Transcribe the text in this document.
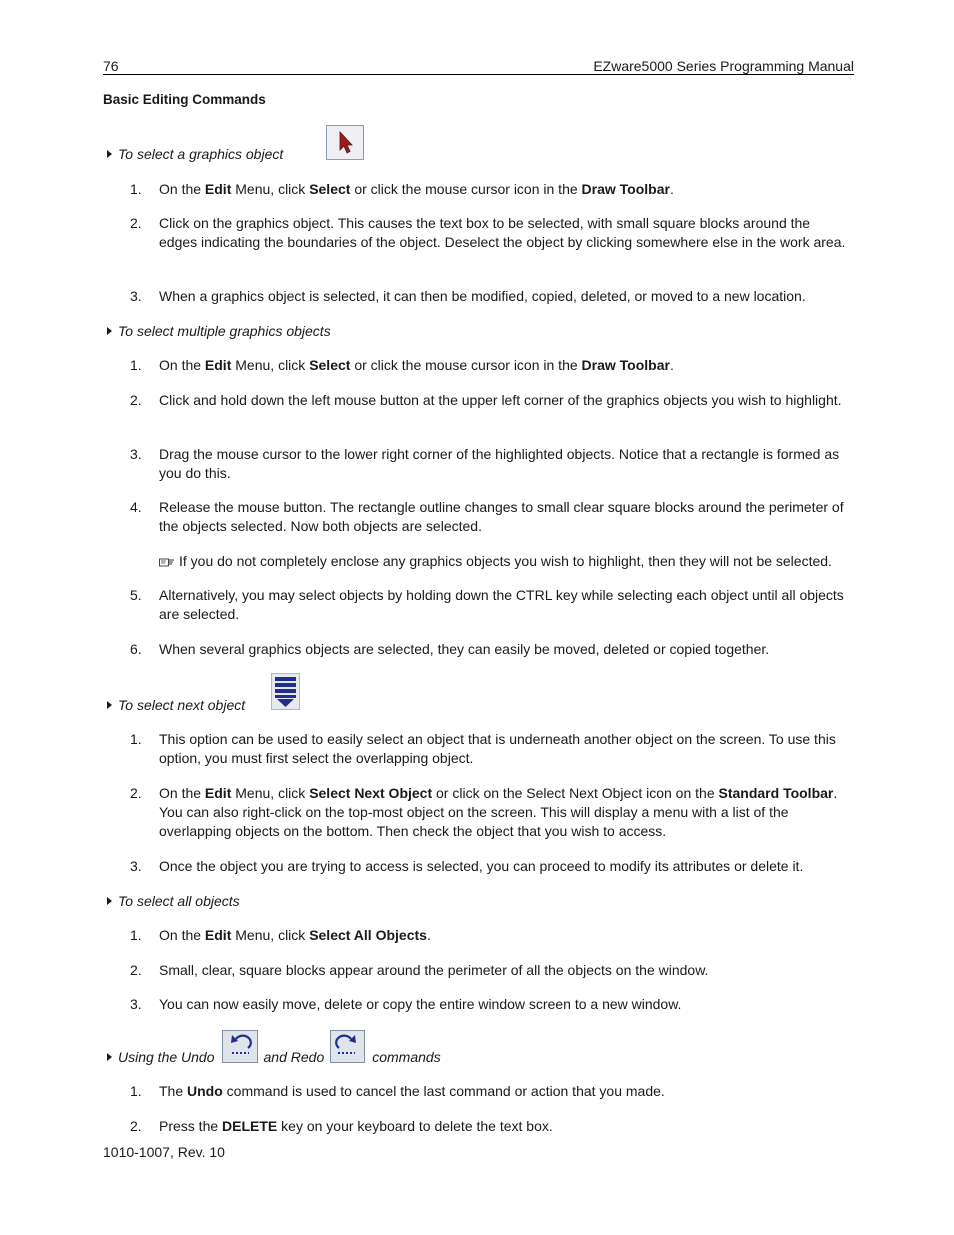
76	EZware5000 Series Programming Manual
Basic Editing Commands
To select a graphics object
1. On the Edit Menu, click Select or click the mouse cursor icon in the Draw Toolbar.
2. Click on the graphics object. This causes the text box to be selected, with small square blocks around the edges indicating the boundaries of the object. Deselect the object by clicking somewhere else in the work area.
3. When a graphics object is selected, it can then be modified, copied, deleted, or moved to a new location.
To select multiple graphics objects
1. On the Edit Menu, click Select or click the mouse cursor icon in the Draw Toolbar.
2. Click and hold down the left mouse button at the upper left corner of the graphics objects you wish to highlight.
3. Drag the mouse cursor to the lower right corner of the highlighted objects. Notice that a rectangle is formed as you do this.
4. Release the mouse button. The rectangle outline changes to small clear square blocks around the perimeter of the objects selected. Now both objects are selected.
If you do not completely enclose any graphics objects you wish to highlight, then they will not be selected.
5. Alternatively, you may select objects by holding down the CTRL key while selecting each object until all objects are selected.
6. When several graphics objects are selected, they can easily be moved, deleted or copied together.
To select next object
1. This option can be used to easily select an object that is underneath another object on the screen. To use this option, you must first select the overlapping object.
2. On the Edit Menu, click Select Next Object or click on the Select Next Object icon on the Standard Toolbar.
You can also right-click on the top-most object on the screen. This will display a menu with a list of the overlapping objects on the bottom. Then check the object that you wish to access.
3. Once the object you are trying to access is selected, you can proceed to modify its attributes or delete it.
To select all objects
1. On the Edit Menu, click Select All Objects.
2. Small, clear, square blocks appear around the perimeter of all the objects on the window.
3. You can now easily move, delete or copy the entire window screen to a new window.
Using the Undo	and Redo	commands
1. The Undo command is used to cancel the last command or action that you made.
2. Press the DELETE key on your keyboard to delete the text box.
1010-1007, Rev. 10
